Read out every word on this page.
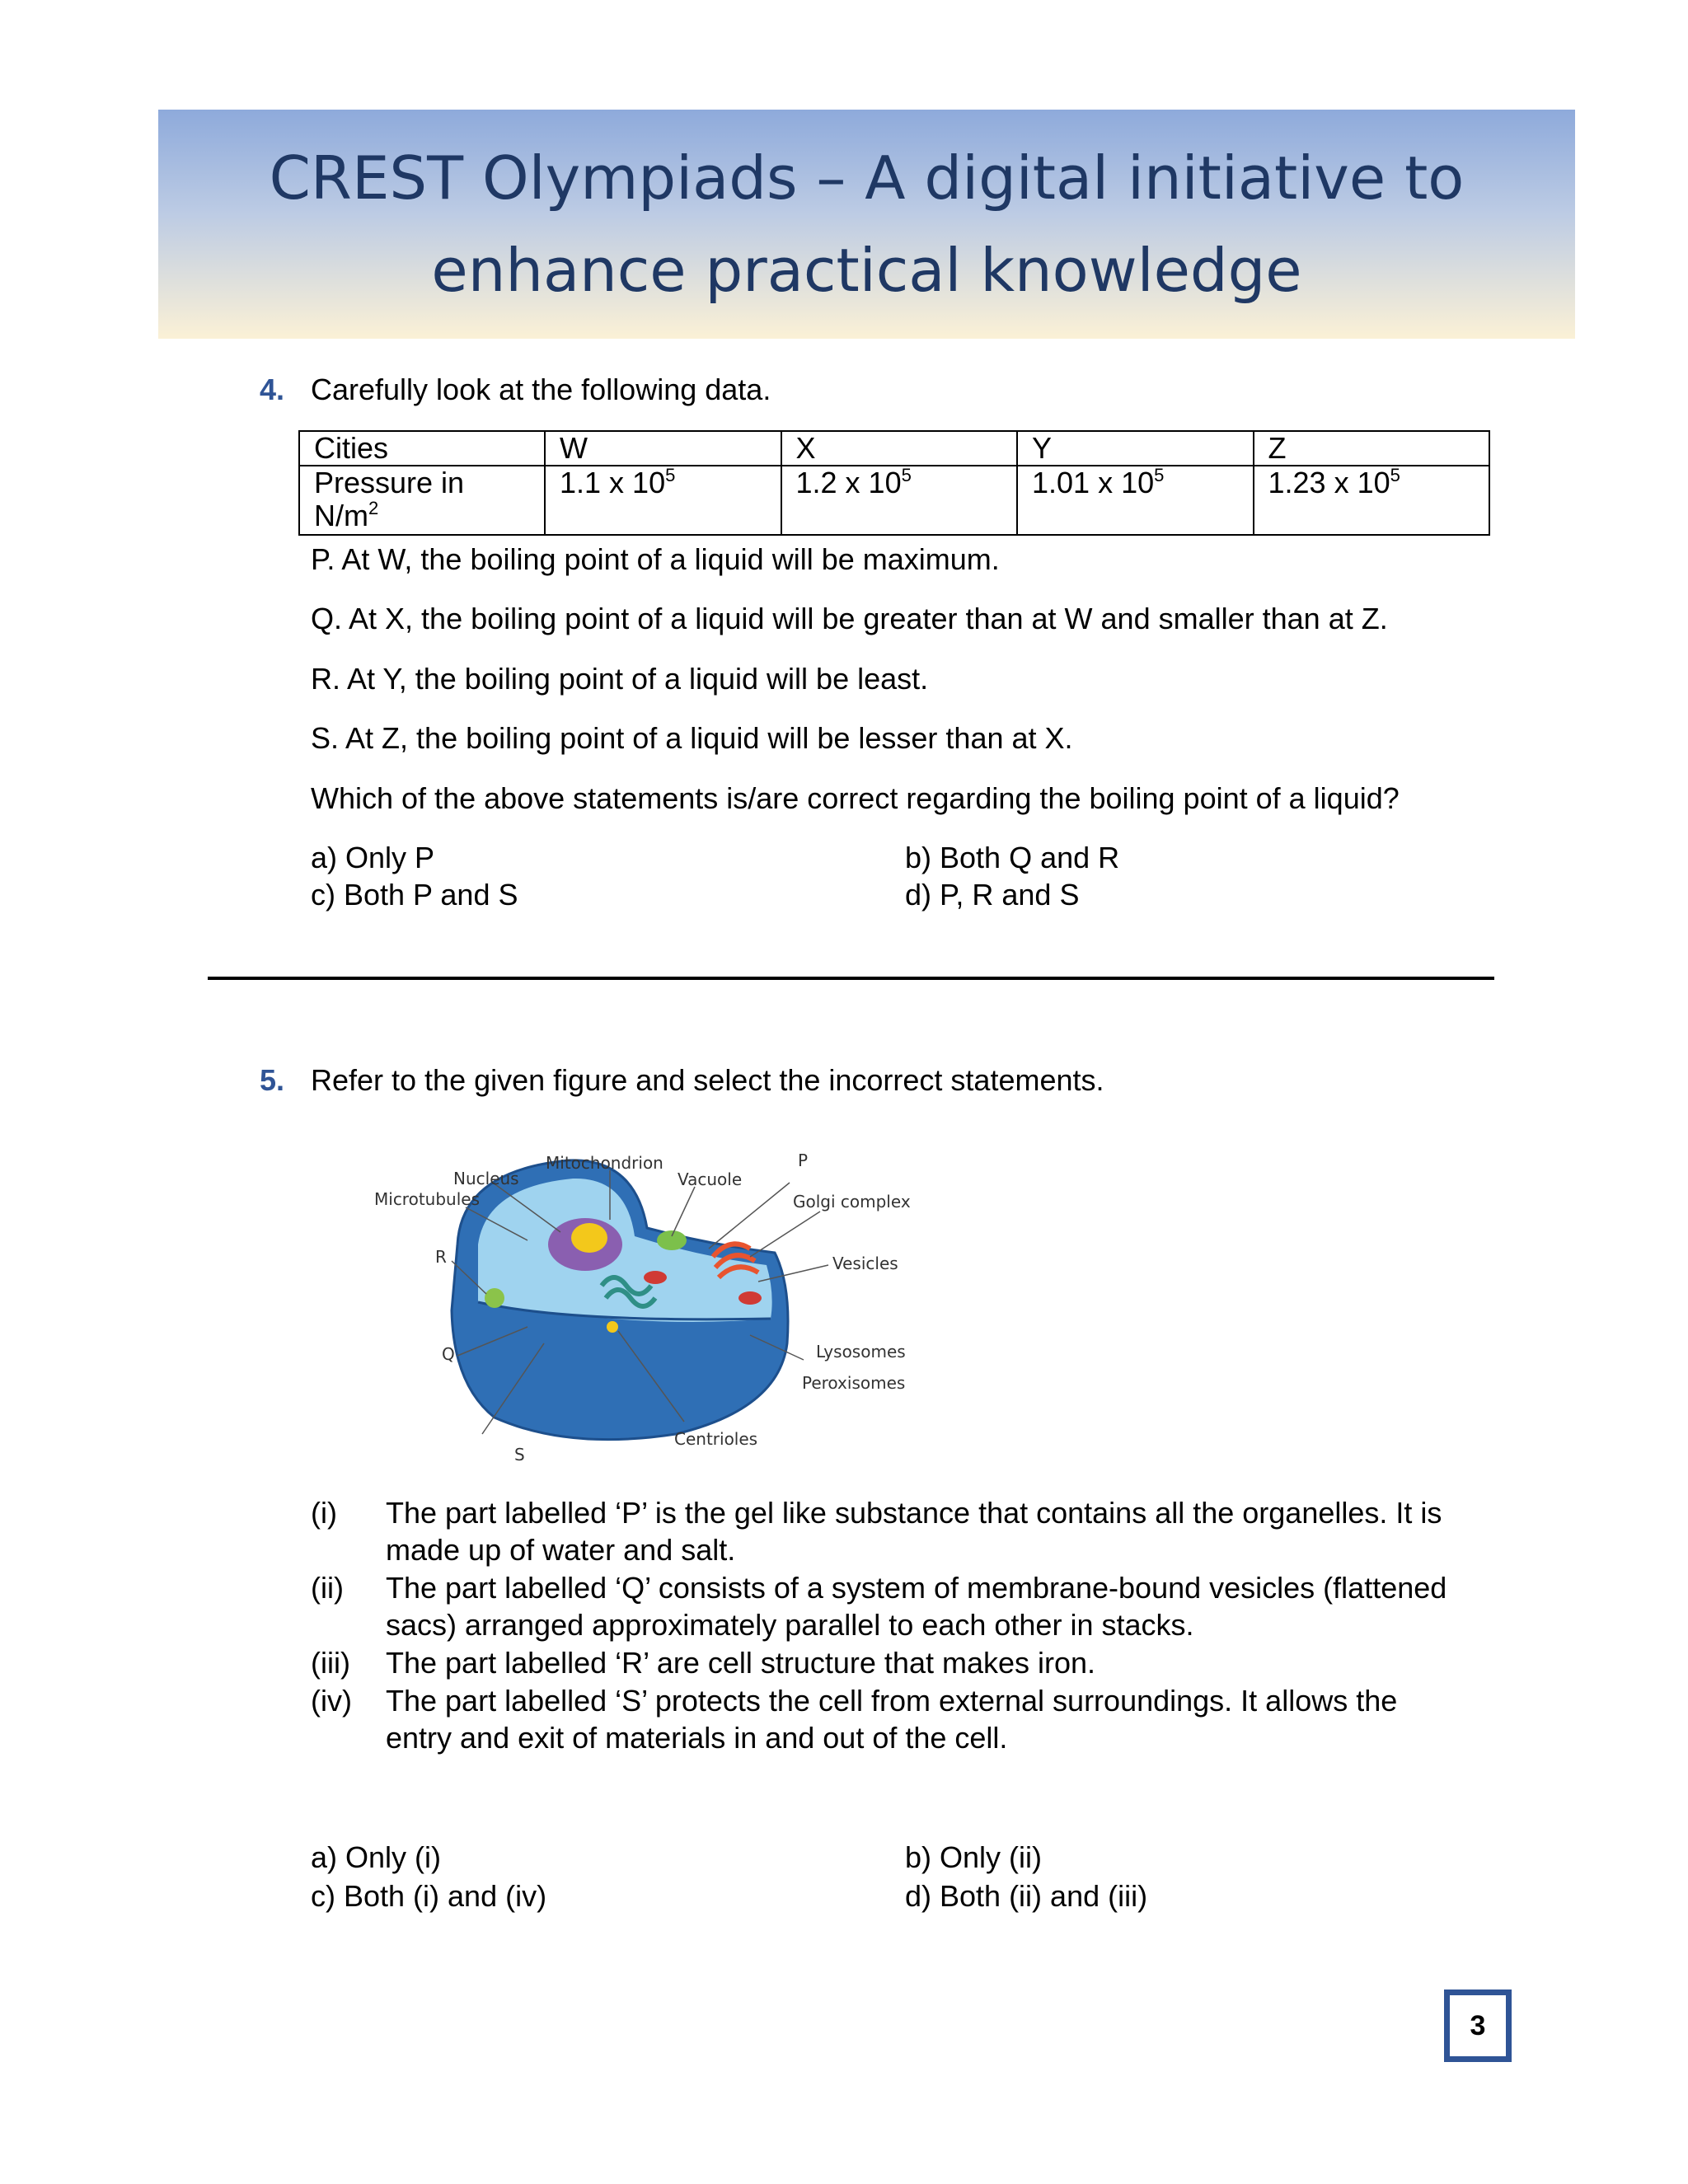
CREST Olympiads – A digital initiative to
enhance practical knowledge
4. Carefully look at the following data.
Cities	W	X	Y	Z

Pressure in
$N/m^2$	1.1 x $10^5$	1.2 x $10^5$	1.01 x $10^5$	1.23 x $10^5$
P. At W, the boiling point of a liquid will be maximum.
Q. At X, the boiling point of a liquid will be greater than at W and smaller than at Z.
R. At Y, the boiling point of a liquid will be least.
S. At Z, the boiling point of a liquid will be lesser than at X.
Which of the above statements is/are correct regarding the boiling point of a liquid?
a) Only P	b) Both Q and R
c) Both P and S	d) P, R and S
5. Refer to the given figure and select the incorrect statements.
Nucleus
Mitochondrion
Vacuole
P
Microtubules	Golgi complex
R	Vesicles
Q	Lysosomes
Peroxisomes
Centrioles
S
(i) The part labelled ‘P’ is the gel like substance that contains all the organelles. It is
made up of water and salt.
(ii) The part labelled ‘Q’ consists of a system of membrane-bound vesicles (flattened
sacs) arranged approximately parallel to each other in stacks.
(iii) The part labelled ‘R’ are cell structure that makes iron.
(iv) The part labelled ‘S’ protects the cell from external surroundings. It allows the
entry and exit of materials in and out of the cell.
a) Only (i)	b) Only (ii)
c) Both (i) and (iv)	d) Both (ii) and (iii)
3
